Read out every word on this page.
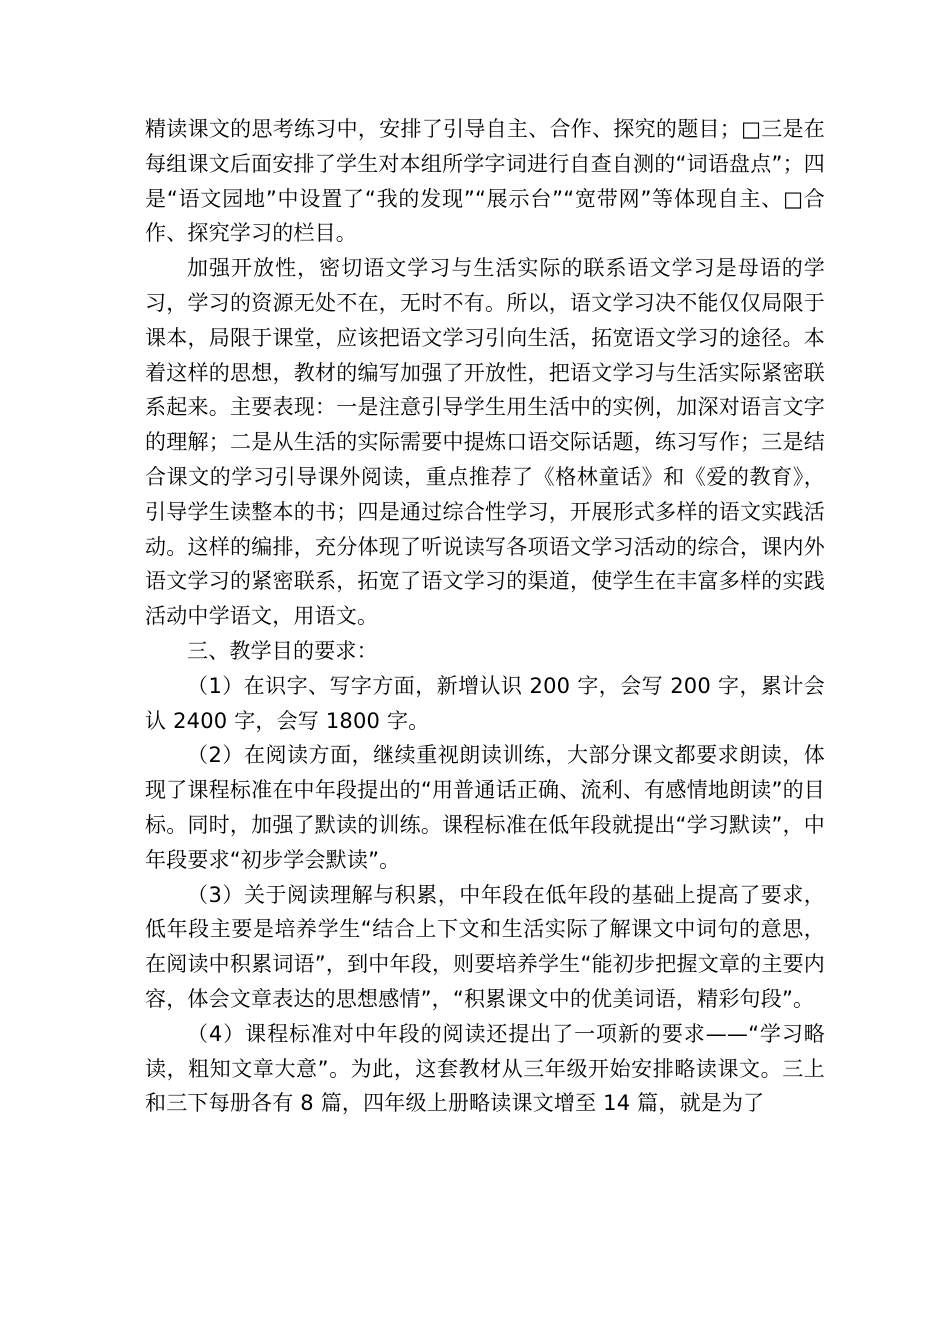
精读课文的思考练习中，安排了引导自主、合作、探究的题目；□三是在每组课文后面安排了学生对本组所学字词进行自查自测的“词语盘点”；四是“语文园地”中设置了“我的发现”“展示台”“宽带网”等体现自主、□合作、探究学习的栏目。

加强开放性，密切语文学习与生活实际的联系语文学习是母语的学习，学习的资源无处不在，无时不有。所以，语文学习决不能仅仅局限于课本，局限于课堂，应该把语文学习引向生活，拓宽语文学习的途径。本着这样的思想，教材的编写加强了开放性，把语文学习与生活实际紧密联系起来。主要表现：一是注意引导学生用生活中的实例，加深对语言文字的理解；二是从生活的实际需要中提炼口语交际话题，练习写作；三是结合课文的学习引导课外阅读，重点推荐了《格林童话》和《爱的教育》，引导学生读整本的书；四是通过综合性学习，开展形式多样的语文实践活动。这样的编排，充分体现了听说读写各项语文学习活动的综合，课内外语文学习的紧密联系，拓宽了语文学习的渠道，使学生在丰富多样的实践活动中学语文，用语文。

三、教学目的要求：

（1）在识字、写字方面，新增认识 200 字，会写 200 字，累计会认 2400 字，会写 1800 字。

（2）在阅读方面，继续重视朗读训练，大部分课文都要求朗读，体现了课程标准在中年段提出的“用普通话正确、流利、有感情地朗读”的目标。同时，加强了默读的训练。课程标准在低年段就提出“学习默读”，中年段要求“初步学会默读”。

（3）关于阅读理解与积累，中年段在低年段的基础上提高了要求，低年段主要是培养学生“结合上下文和生活实际了解课文中词句的意思，在阅读中积累词语”，到中年段，则要培养学生“能初步把握文章的主要内容，体会文章表达的思想感情”，“积累课文中的优美词语，精彩句段”。

（4）课程标准对中年段的阅读还提出了一项新的要求——“学习略读，粗知文章大意”。为此，这套教材从三年级开始安排略读课文。三上和三下每册各有 8 篇，四年级上册略读课文增至 14 篇，就是为了
